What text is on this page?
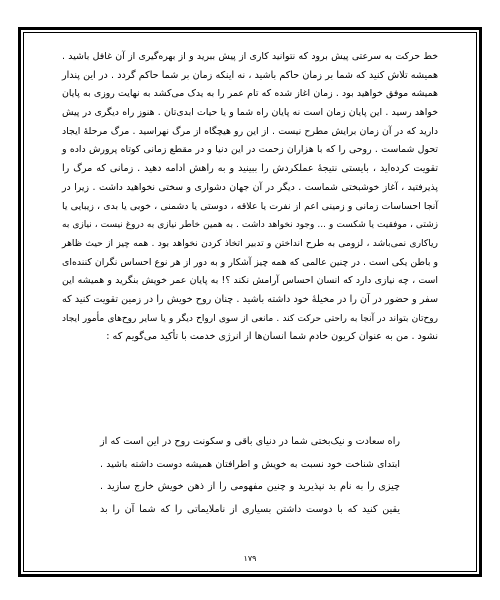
خط حرکت به سرعتی پیش برود که نتوانید کاری از پیش ببرید و از بهره‌گیری از آن غافل باشید .
همیشه تلاش کنید که شما بر زمان حاکم باشید ، نه اینکه زمان بر شما حاکم گردد . در این پندار
همیشه موفق خواهید بود . زمان اغاز شده که تام عمر را به یدک می‌کشد به نهایت روزی به پایان
خواهد رسید . این پایان زمان است نه پایان راه شما و یا حیات ابدی‌تان . هنوز راه دیگری در پیش
دارید که در آن زمان برایش مطرح نیست . از این رو هیچگاه از مرگ نهراسید . مرگ مرحلهٔ ایجاد
تحول شماست . روحی را که با هزاران زحمت در این دنیا و در مقطع زمانی کوتاه پرورش داده و
تقویت کرده‌اید ، بایستی نتیجهٔ عملکردش را ببینید و به راهش ادامه دهید . زمانی که مرگ را
پذیرفتید ، آغاز خوشبختی شماست . دیگر در آن جهان دشواری و سختی نخواهید داشت . زیرا در
آنجا احساسات زمانی و زمینی اعم از نفرت یا علاقه ، دوستی یا دشمنی ، خوبی یا بدی ، زیبایی یا
زشتی ، موفقیت یا شکست و ... وجود نخواهد داشت . به همین خاطر نیازی به دروغ نیست ، نیازی به
ریاکاری نمی‌باشد ، لزومی به طرح انداختن و تدبیر اتخاذ کردن نخواهد بود . همه چیز از حیث ظاهر
و باطن یکی است . در چنین عالمی که همه چیز آشکار و به دور از هر نوع احساس نگران کننده‌ای
است ، چه نیازی دارد که انسان احساس آرامش نکند ؟! به پایان عمر خویش بنگرید و همیشه این
سفر و حضور در آن را در مخیلهٔ خود داشته باشید . چنان روح خویش را در زمین تقویت کنید که
روح‌تان بتواند در آنجا به راحتی حرکت کند . مانعی از سوی ارواح دیگر و یا سایر روح‌های مأمور ایجاد
نشود . من به عنوان کریون خادم شما انسان‌ها از انرژی خدمت با تأکید می‌گویم که :
راه سعادت و نیک‌بختی شما در دنیای باقی و سکونت روح در این است که از
ابتدای شناخت خود نسبت به خویش و اطرافتان همیشه دوست داشته باشید .
چیزی را به نام بد نپذیرید و چنین مفهومی را از ذهن خویش خارج سازید .
یقین کنید که با دوست داشتن بسیاری از ناملایماتی را که شما آن را بد
۱۷۹
